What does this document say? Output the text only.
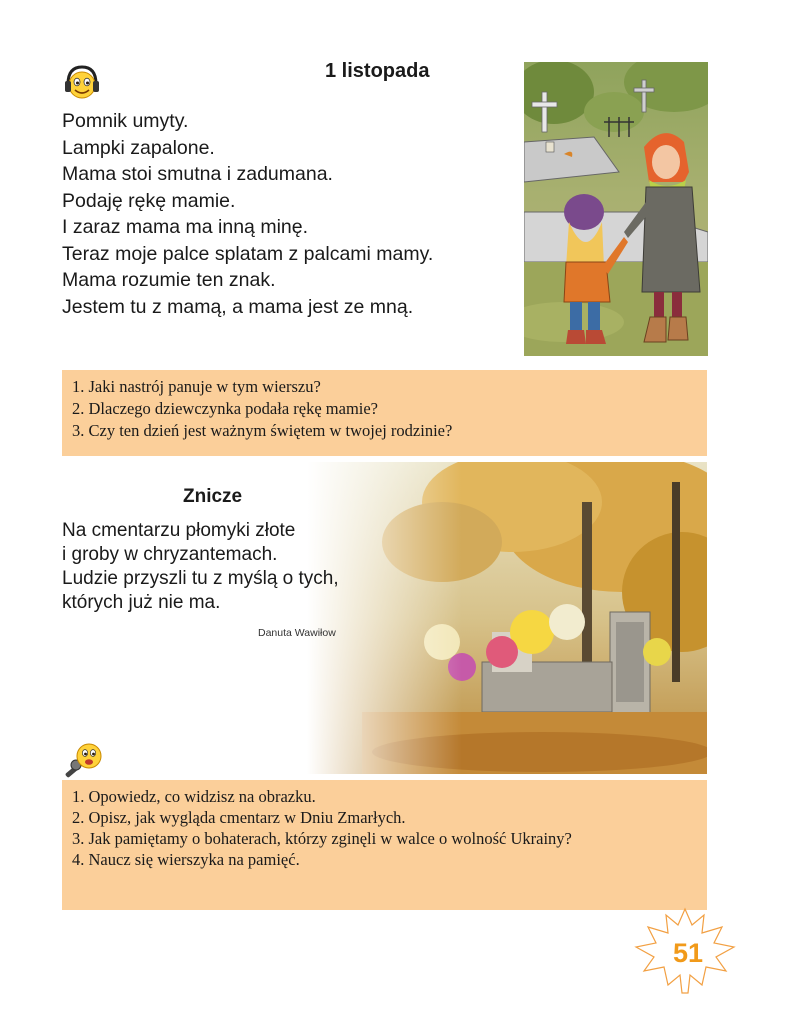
1 listopada
Pomnik umyty.
Lampki zapalone.
Mama stoi smutna i zadumana.
Podaję rękę mamie.
I zaraz mama ma inną minę.
Teraz moje palce splatam z palcami mamy.
Mama rozumie ten znak.
Jestem tu z mamą, a mama jest ze mną.
1. Jaki nastrój panuje w tym wierszu?
2. Dlaczego dziewczynka podała rękę mamie?
3. Czy ten dzień jest ważnym świętem w twojej rodzinie?
Znicze
Na cmentarzu płomyki złote
i groby w chryzantemach.
Ludzie przyszli tu z myślą o tych,
których już nie ma.
Danuta Wawiłow
1. Opowiedz, co widzisz na obrazku.
2. Opisz, jak wygląda cmentarz w Dniu Zmarłych.
3. Jak pamiętamy o bohaterach, którzy zginęli w walce o wolność Ukrainy?
4. Naucz się wierszyka na pamięć.
51
